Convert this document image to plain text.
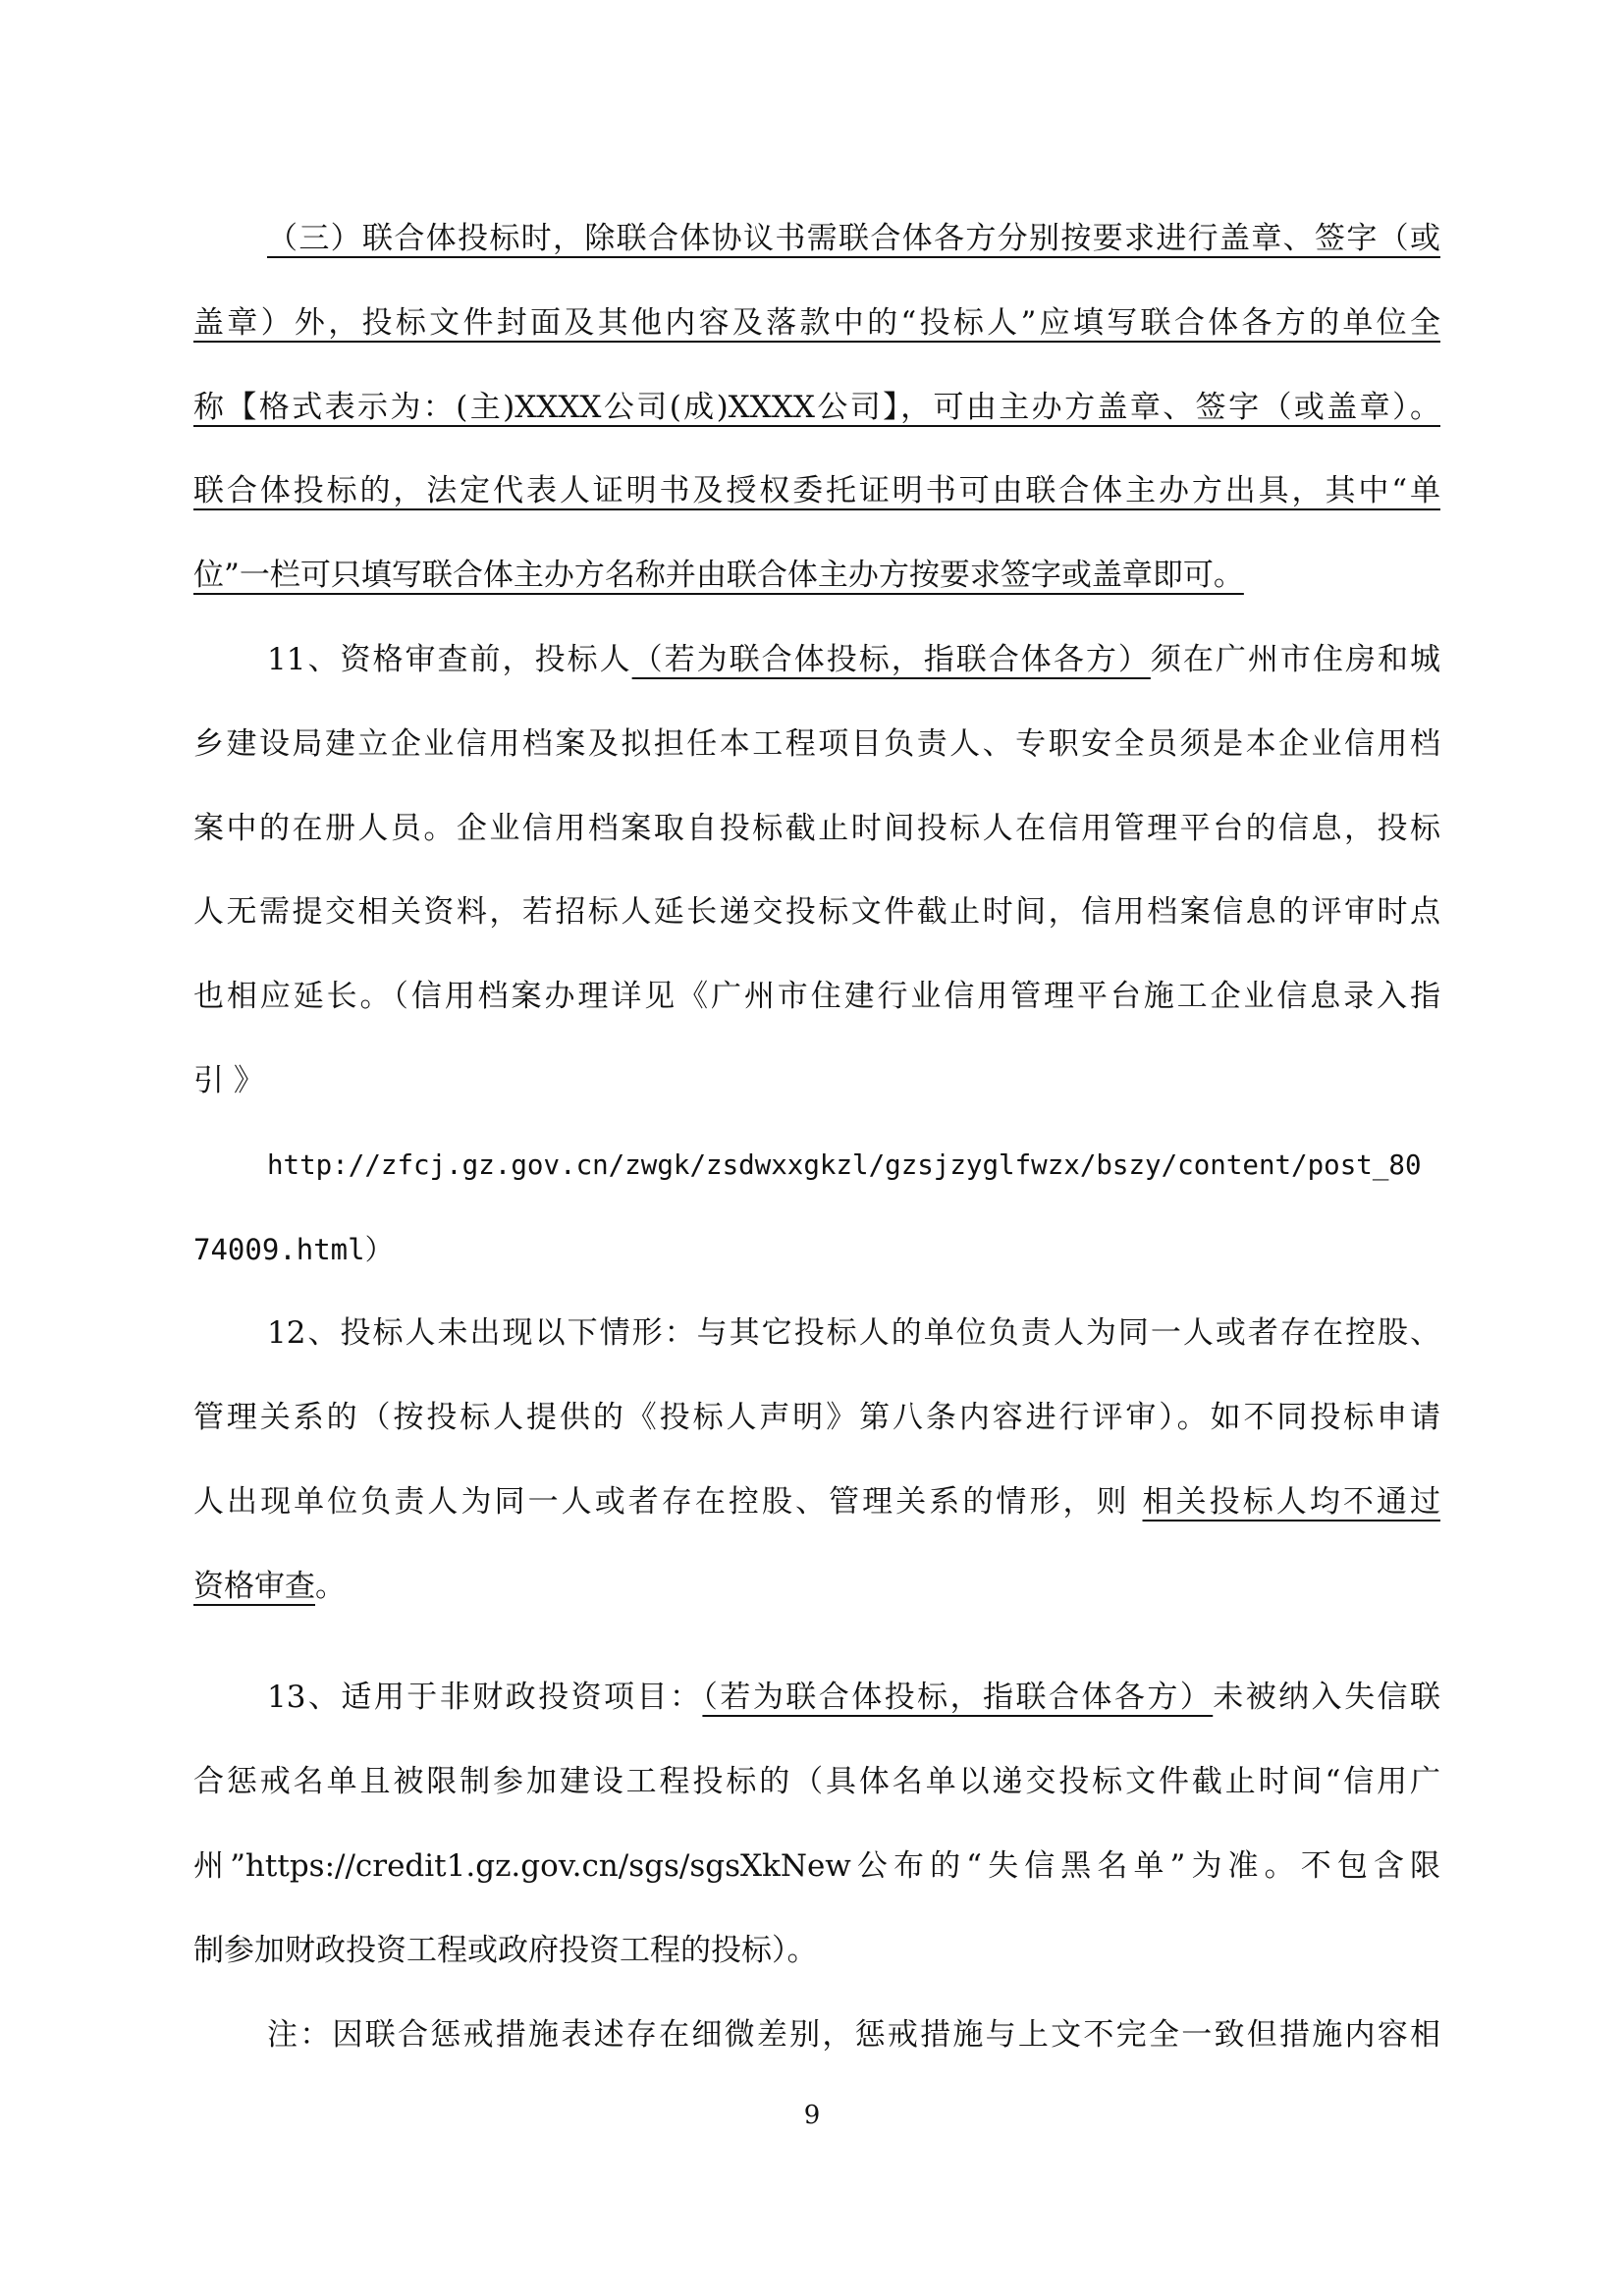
（三）联合体投标时，除联合体协议书需联合体各方分别按要求进行盖章、签字（或
盖章）外，投标文件封面及其他内容及落款中的“投标人”应填写联合体各方的单位全
称【格式表示为：(主)XXXX公司(成)XXXX公司】，可由主办方盖章、签字（或盖章）。
联合体投标的，法定代表人证明书及授权委托证明书可由联合体主办方出具，其中“单
位”一栏可只填写联合体主办方名称并由联合体主办方按要求签字或盖章即可。
11、资格审查前，投标人（若为联合体投标，指联合体各方）须在广州市住房和城
乡建设局建立企业信用档案及拟担任本工程项目负责人、专职安全员须是本企业信用档
案中的在册人员。企业信用档案取自投标截止时间投标人在信用管理平台的信息，投标
人无需提交相关资料，若招标人延长递交投标文件截止时间，信用档案信息的评审时点
也相应延长。（信用档案办理详见《广州市住建行业信用管理平台施工企业信息录入指
引 》
http://zfcj.gz.gov.cn/zwgk/zsdwxxgkzl/gzsjzyglfwzx/bszy/content/post_80
74009.html）
12、投标人未出现以下情形：与其它投标人的单位负责人为同一人或者存在控股、
管理关系的（按投标人提供的《投标人声明》第八条内容进行评审）。如不同投标申请
人出现单位负责人为同一人或者存在控股、管理关系的情形，则 相关投标人均不通过
资格审查。
13、适用于非财政投资项目：（若为联合体投标，指联合体各方）未被纳入失信联
合惩戒名单且被限制参加建设工程投标的（具体名单以递交投标文件截止时间“信用广
州”https://credit1.gz.gov.cn/sgs/sgsXkNew公布的“失信黑名单”为准。不包含限
制参加财政投资工程或政府投资工程的投标）。
注：因联合惩戒措施表述存在细微差别，惩戒措施与上文不完全一致但措施内容相
9
